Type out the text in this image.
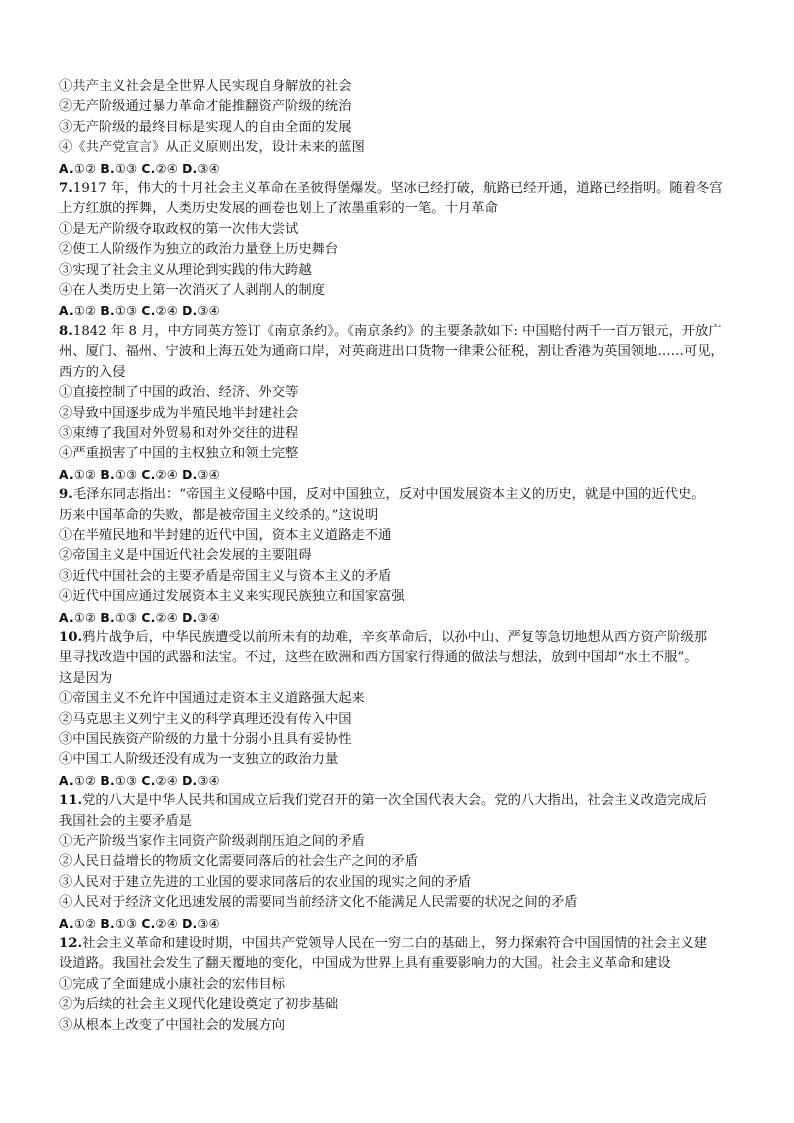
①共产主义社会是全世界人民实现自身解放的社会
②无产阶级通过暴力革命才能推翻资产阶级的统治
③无产阶级的最终目标是实现人的自由全面的发展
④《共产党宣言》从正义原则出发，设计未来的蓝图
A.①② B.①③ C.②④ D.③④
7.1917 年，伟大的十月社会主义革命在圣彼得堡爆发。坚冰已经打破，航路已经开通，道路已经指明。随着冬宫
上方红旗的挥舞，人类历史发展的画卷也划上了浓墨重彩的一笔。十月革命
①是无产阶级夺取政权的第一次伟大尝试
②使工人阶级作为独立的政治力量登上历史舞台
③实现了社会主义从理论到实践的伟大跨越
④在人类历史上第一次消灭了人剥削人的制度
A.①② B.①③ C.②④ D.③④
8.1842 年 8 月，中方同英方签订《南京条约》。《南京条约》的主要条款如下: 中国赔付两千一百万银元，开放广
州、厦门、福州、宁波和上海五处为通商口岸，对英商进出口货物一律秉公征税，割让香港为英国领地……可见，
西方的入侵
①直接控制了中国的政治、经济、外交等
②导致中国逐步成为半殖民地半封建社会
③束缚了我国对外贸易和对外交往的进程
④严重损害了中国的主权独立和领土完整
A.①② B.①③ C.②④ D.③④
9.毛泽东同志指出：“帝国主义侵略中国，反对中国独立，反对中国发展资本主义的历史，就是中国的近代史。
历来中国革命的失败，都是被帝国主义绞杀的。”这说明
①在半殖民地和半封建的近代中国，资本主义道路走不通
②帝国主义是中国近代社会发展的主要阻碍
③近代中国社会的主要矛盾是帝国主义与资本主义的矛盾
④近代中国应通过发展资本主义来实现民族独立和国家富强
A.①② B.①③ C.②④ D.③④
10.鸦片战争后，中华民族遭受以前所未有的劫难，辛亥革命后，以孙中山、严复等急切地想从西方资产阶级那
里寻找改造中国的武器和法宝。不过，这些在欧洲和西方国家行得通的做法与想法，放到中国却“水土不服”。
这是因为
①帝国主义不允许中国通过走资本主义道路强大起来
②马克思主义列宁主义的科学真理还没有传入中国
③中国民族资产阶级的力量十分弱小且具有妥协性
④中国工人阶级还没有成为一支独立的政治力量
A.①② B.①③ C.②④ D.③④
11.党的八大是中华人民共和国成立后我们党召开的第一次全国代表大会。党的八大指出，社会主义改造完成后
我国社会的主要矛盾是
①无产阶级当家作主同资产阶级剥削压迫之间的矛盾
②人民日益增长的物质文化需要同落后的社会生产之间的矛盾
③人民对于建立先进的工业国的要求同落后的农业国的现实之间的矛盾
④人民对于经济文化迅速发展的需要同当前经济文化不能满足人民需要的状况之间的矛盾
A.①② B.①③ C.②④ D.③④
12.社会主义革命和建设时期，中国共产党领导人民在一穷二白的基础上，努力探索符合中国国情的社会主义建
设道路。我国社会发生了翻天覆地的变化，中国成为世界上具有重要影响力的大国。社会主义革命和建设
①完成了全面建成小康社会的宏伟目标
②为后续的社会主义现代化建设奠定了初步基础
③从根本上改变了中国社会的发展方向
